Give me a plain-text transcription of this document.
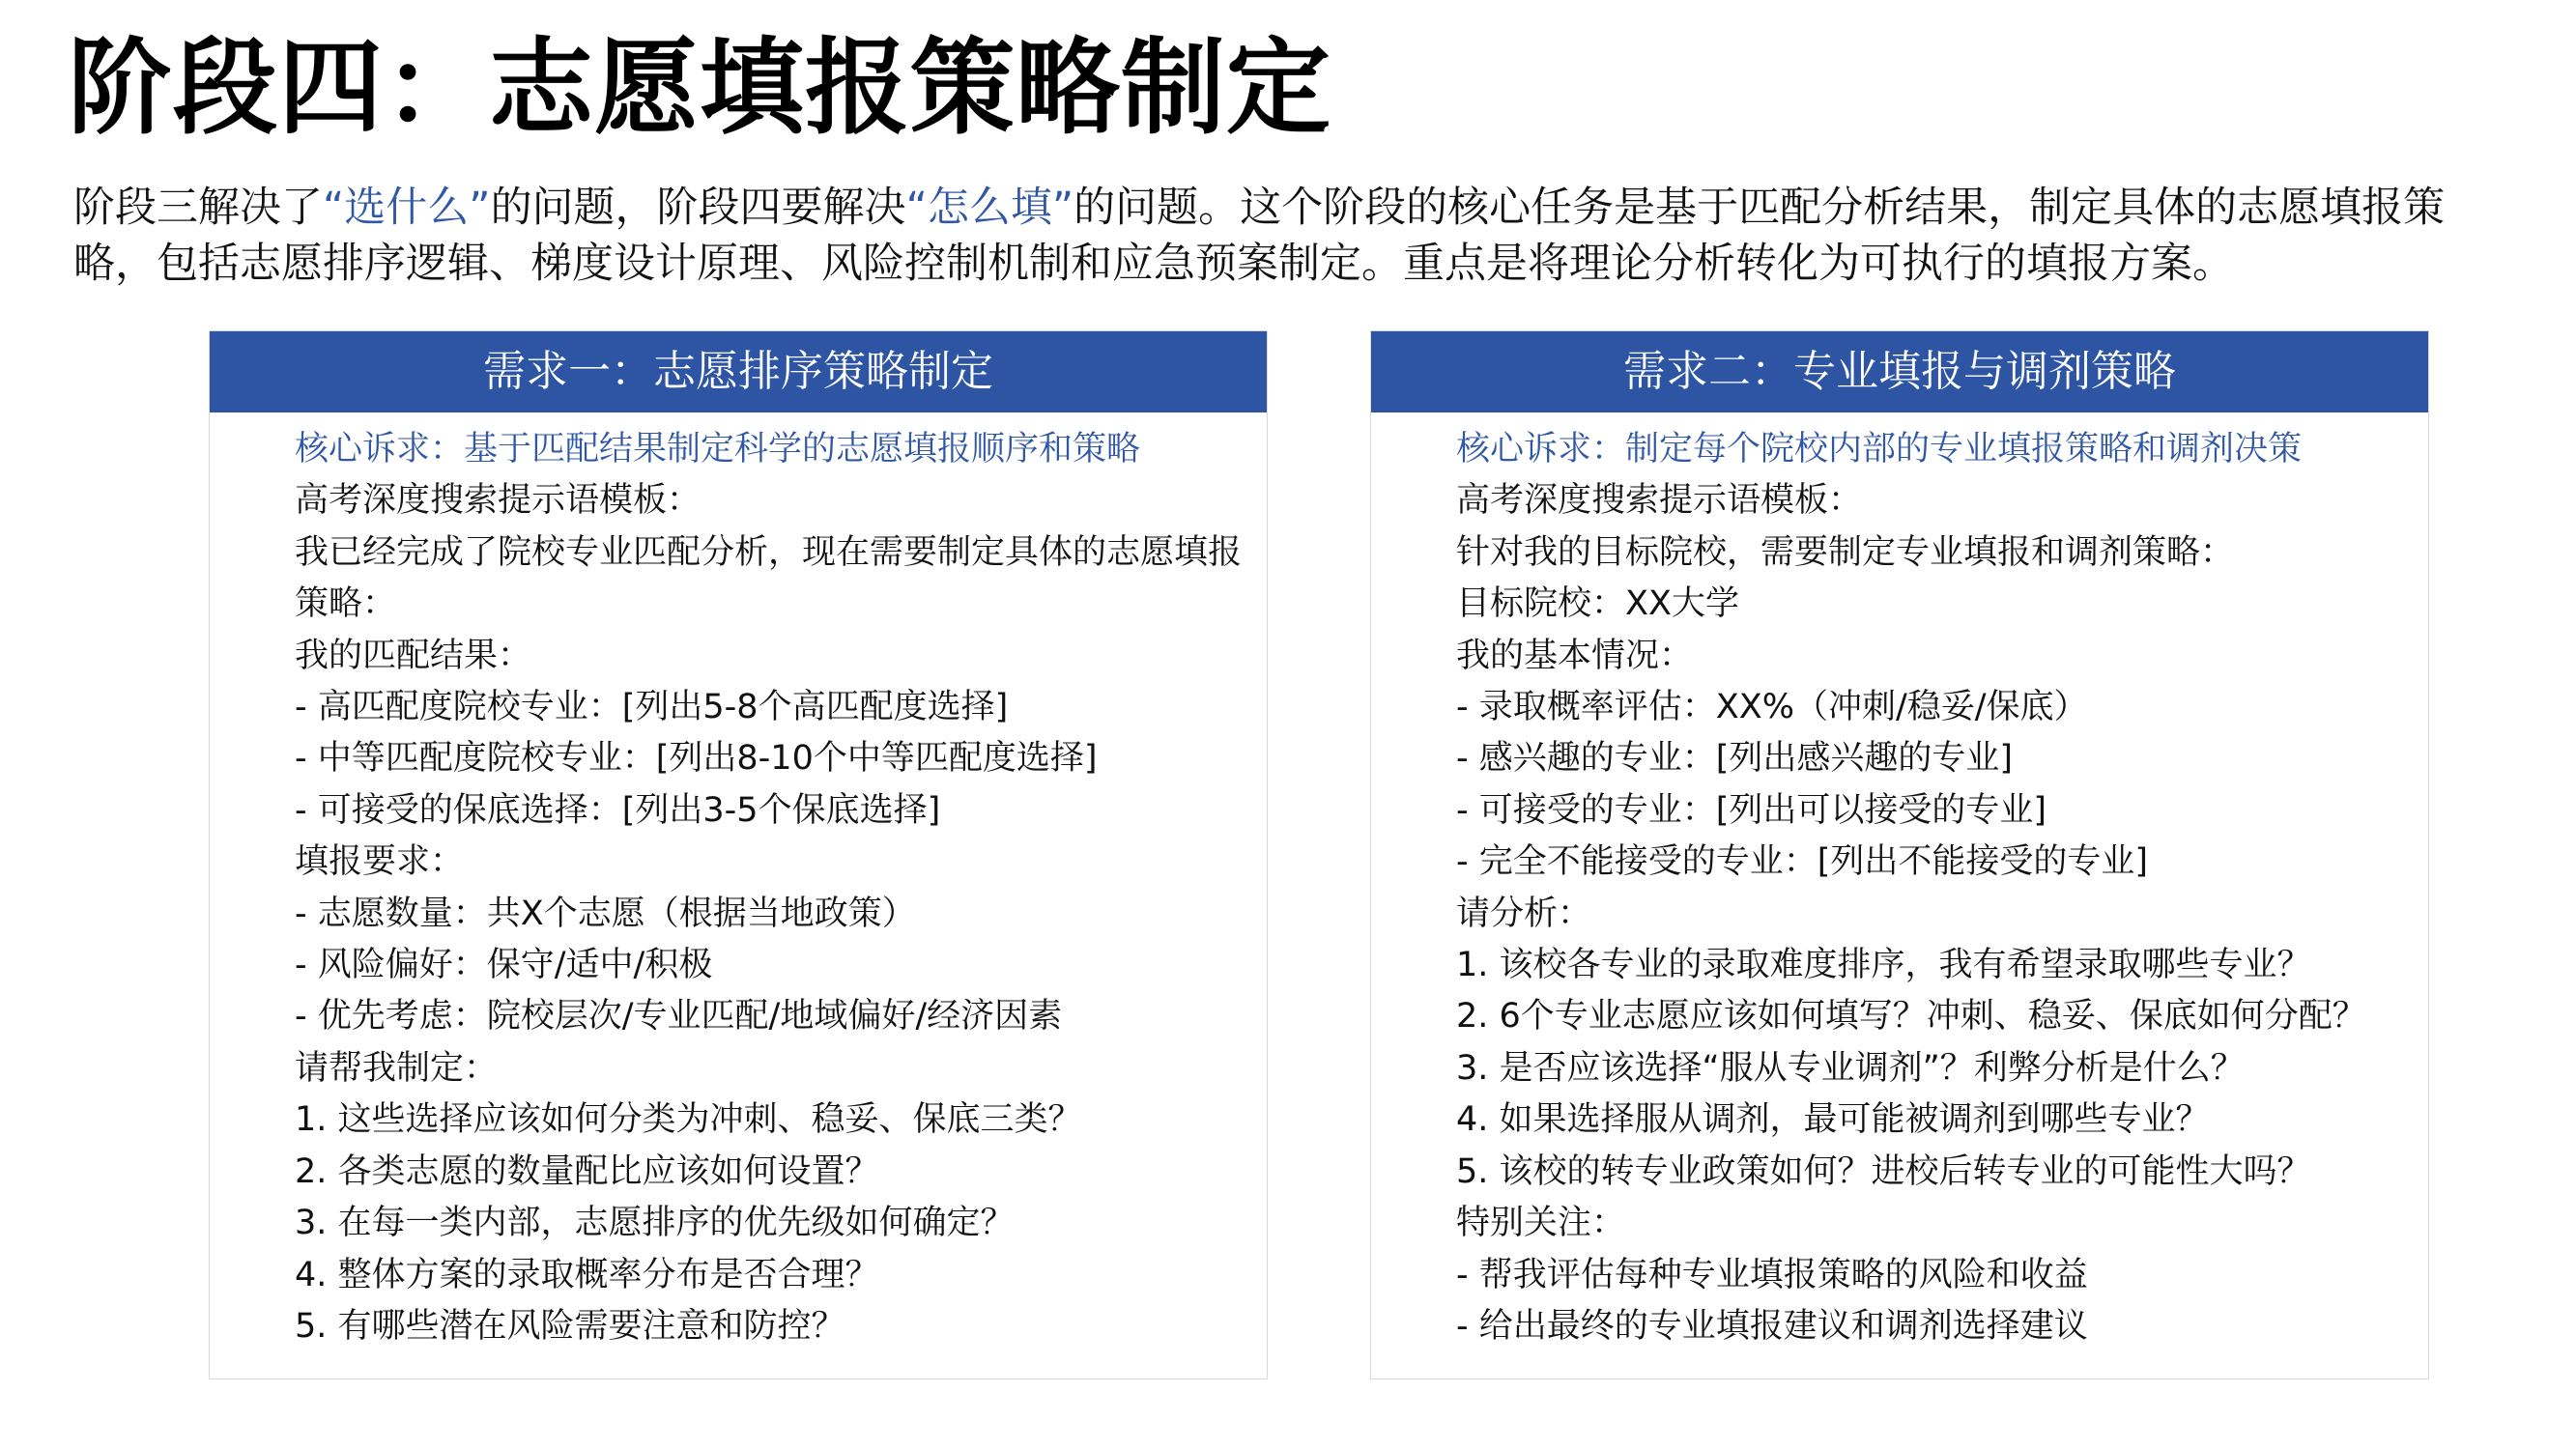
阶段四：志愿填报策略制定
阶段三解决了“选什么”的问题，阶段四要解决“怎么填”的问题。这个阶段的核心任务是基于匹配分析结果，制定具体的志愿填报策略，包括志愿排序逻辑、梯度设计原理、风险控制机制和应急预案制定。重点是将理论分析转化为可执行的填报方案。
需求一：志愿排序策略制定
核心诉求：基于匹配结果制定科学的志愿填报顺序和策略
高考深度搜索提示语模板：
我已经完成了院校专业匹配分析，现在需要制定具体的志愿填报策略：
我的匹配结果：
- 高匹配度院校专业：[列出5-8个高匹配度选择]
- 中等匹配度院校专业：[列出8-10个中等匹配度选择]
- 可接受的保底选择：[列出3-5个保底选择]
填报要求：
- 志愿数量：共X个志愿（根据当地政策）
- 风险偏好：保守/适中/积极
- 优先考虑：院校层次/专业匹配/地域偏好/经济因素
请帮我制定：
1. 这些选择应该如何分类为冲刺、稳妥、保底三类？
2. 各类志愿的数量配比应该如何设置？
3. 在每一类内部，志愿排序的优先级如何确定？
4. 整体方案的录取概率分布是否合理？
5. 有哪些潜在风险需要注意和防控？
需求二：专业填报与调剂策略
核心诉求：制定每个院校内部的专业填报策略和调剂决策
高考深度搜索提示语模板：
针对我的目标院校，需要制定专业填报和调剂策略：
目标院校：XX大学
我的基本情况：
- 录取概率评估：XX%（冲刺/稳妥/保底）
- 感兴趣的专业：[列出感兴趣的专业]
- 可接受的专业：[列出可以接受的专业]
- 完全不能接受的专业：[列出不能接受的专业]
请分析：
1. 该校各专业的录取难度排序，我有希望录取哪些专业？
2. 6个专业志愿应该如何填写？冲刺、稳妥、保底如何分配？
3. 是否应该选择“服从专业调剂”？利弊分析是什么？
4. 如果选择服从调剂，最可能被调剂到哪些专业？
5. 该校的转专业政策如何？进校后转专业的可能性大吗？
特别关注：
- 帮我评估每种专业填报策略的风险和收益
- 给出最终的专业填报建议和调剂选择建议
